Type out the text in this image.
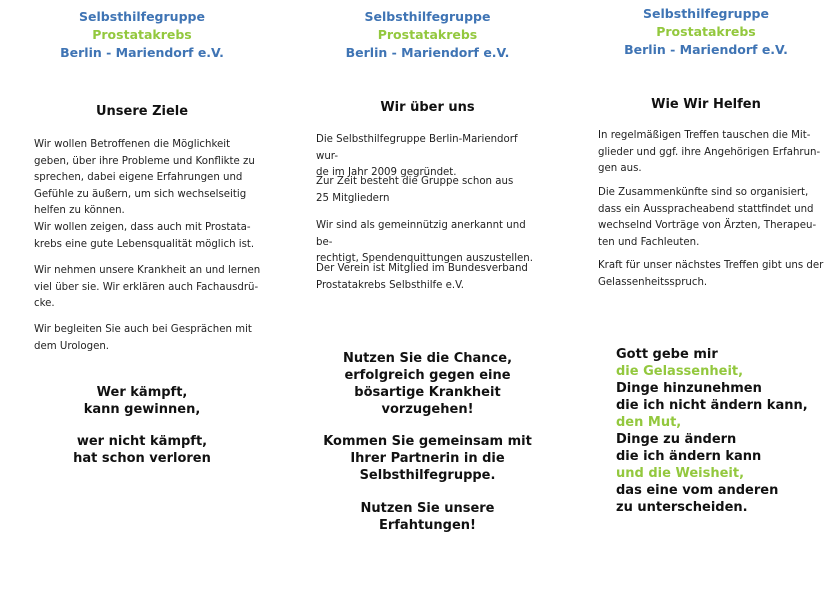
Selbsthilfegruppe
Prostatakrebs
Berlin - Mariendorf e.V.
Unsere Ziele

Wir wollen Betroffenen die Möglichkeit
geben, über ihre Probleme und Konflikte zu
sprechen, dabei eigene Erfahrungen und
Gefühle zu äußern, um sich wechselseitig
helfen zu können.

Wir wollen zeigen, dass auch mit Prostata-
krebs eine gute Lebensqualität möglich ist.

Wir nehmen unsere Krankheit an und lernen
viel über sie. Wir erklären auch Fachausdrü-
cke.

Wir begleiten Sie auch bei Gesprächen mit
dem Urologen.

Wer kämpft,
kann gewinnen,
wer nicht kämpft,
hat schon verloren
Selbsthilfegruppe
Prostatakrebs
Berlin - Mariendorf e.V.
Wir über uns

Die Selbsthilfegruppe Berlin-Mariendorf wur-
de im Jahr 2009 gegründet.

Zur Zeit besteht die Gruppe schon aus
25 Mitgliedern

Wir sind als gemeinnützig anerkannt und be-
rechtigt, Spendenquittungen auszustellen.

Der Verein ist Mitglied im Bundesverband
Prostatakrebs Selbsthilfe e.V.

Nutzen Sie die Chance,
erfolgreich gegen eine
bösartige Krankheit
vorzugehen!
Kommen Sie gemeinsam mit
Ihrer Partnerin in die
Selbsthilfegruppe.
Nutzen Sie unsere
Erfahtungen!
Selbsthilfegruppe
Prostatakrebs
Berlin - Mariendorf e.V.
Wie Wir Helfen

In regelmäßigen Treffen tauschen die Mit-
glieder und ggf. ihre Angehörigen Erfahrun-
gen aus.

Die Zusammenkünfte sind so organisiert,
dass ein Ausspracheabend stattfindet und
wechselnd Vorträge von Ärzten, Therapeu-
ten und Fachleuten.

Kraft für unser nächstes Treffen gibt uns der
Gelassenheitsspruch.

Gott gebe mir
die Gelassenheit,
Dinge hinzunehmen
die ich nicht ändern kann,
den Mut,
Dinge zu ändern
die ich ändern kann
und die Weisheit,
das eine vom anderen
zu unterscheiden.
